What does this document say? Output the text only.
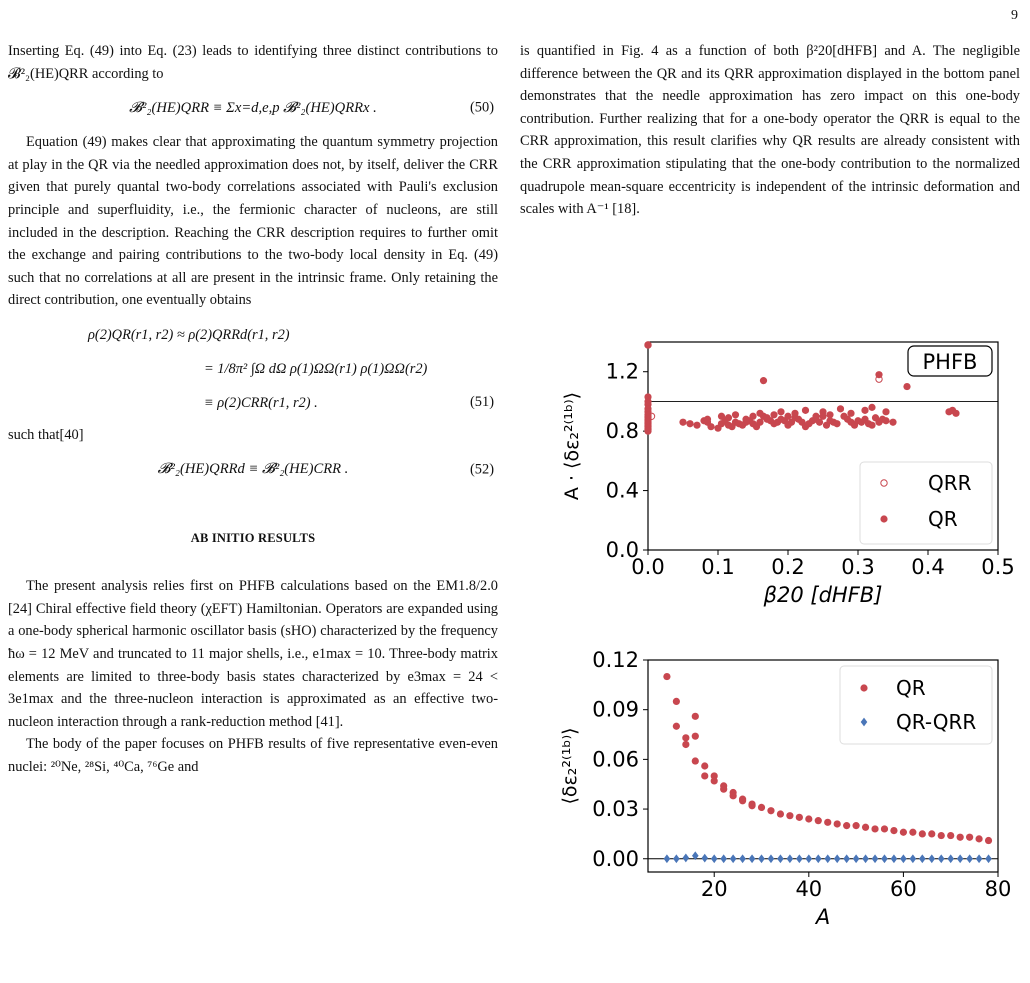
9

Inserting Eq. (49) into Eq. (23) leads to identifying three distinct contributions to 𝓑²₂(HE)QRR according to

𝓑²₂(HE)QRR ≡ Σx=d,e,p 𝓑²₂(HE)QRRx .	(50)

Equation (49) makes clear that approximating the quantum symmetry projection at play in the QR via the needled approximation does not, by itself, deliver the CRR given that purely quantal two-body correlations associated with Pauli's exclusion principle and superfluidity, i.e., the fermionic character of nucleons, are still included in the description. Reaching the CRR description requires to further omit the exchange and pairing contributions to the two-body local density in Eq. (49) such that no correlations at all are present in the intrinsic frame. Only retaining the direct contribution, one eventually obtains

ρ(2)QR(r1, r2) ≈ ρ(2)QRRd(r1, r2)
= 1/8π² ∫Ω dΩ ρ(1)ΩΩ(r1) ρ(1)ΩΩ(r2)
≡ ρ(2)CRR(r1, r2) .	(51)

such that[40]

𝓑²₂(HE)QRRd ≡ 𝓑²₂(HE)CRR .	(52)
AB INITIO RESULTS

The present analysis relies first on PHFB calculations based on the EM1.8/2.0 [24] Chiral effective field theory (χEFT) Hamiltonian. Operators are expanded using a one-body spherical harmonic oscillator basis (sHO) characterized by the frequency ħω = 12 MeV and truncated to 11 major shells, i.e., e1max = 10. Three-body matrix elements are limited to three-body basis states characterized by e3max = 24 < 3e1max and the three-nucleon interaction is approximated as an effective two-nucleon interaction through a rank-reduction method [41].

The body of the paper focuses on PHFB results of five representative even-even nuclei: ²⁰Ne, ²⁸Si, ⁴⁰Ca, ⁷⁶Ge and

is quantified in Fig. 4 as a function of both β²20[dHFB] and A. The negligible difference between the QR and its QRR approximation displayed in the bottom panel demonstrates that the needle approximation has zero impact on this one-body contribution. Further realizing that for a one-body operator the QRR is equal to the CRR approximation, this result clarifies why QR results are already consistent with the CRR approximation stipulating that the one-body contribution to the normalized quadrupole mean-square eccentricity is independent of the intrinsic deformation and scales with A⁻¹ [18].

0.0 0.1 0.2 0.3 0.4 0.5
0.0
0.4
0.8
1.2
β20 [dHFB]
A · ⟨δε₂²⁽¹ᵇ⁾⟩
PHFB
QRR
QR
20	40	60	80
0.00
0.03
0.06
0.09
0.12
A
⟨δε₂²⁽¹ᵇ⁾⟩
QR
QR-QRR
